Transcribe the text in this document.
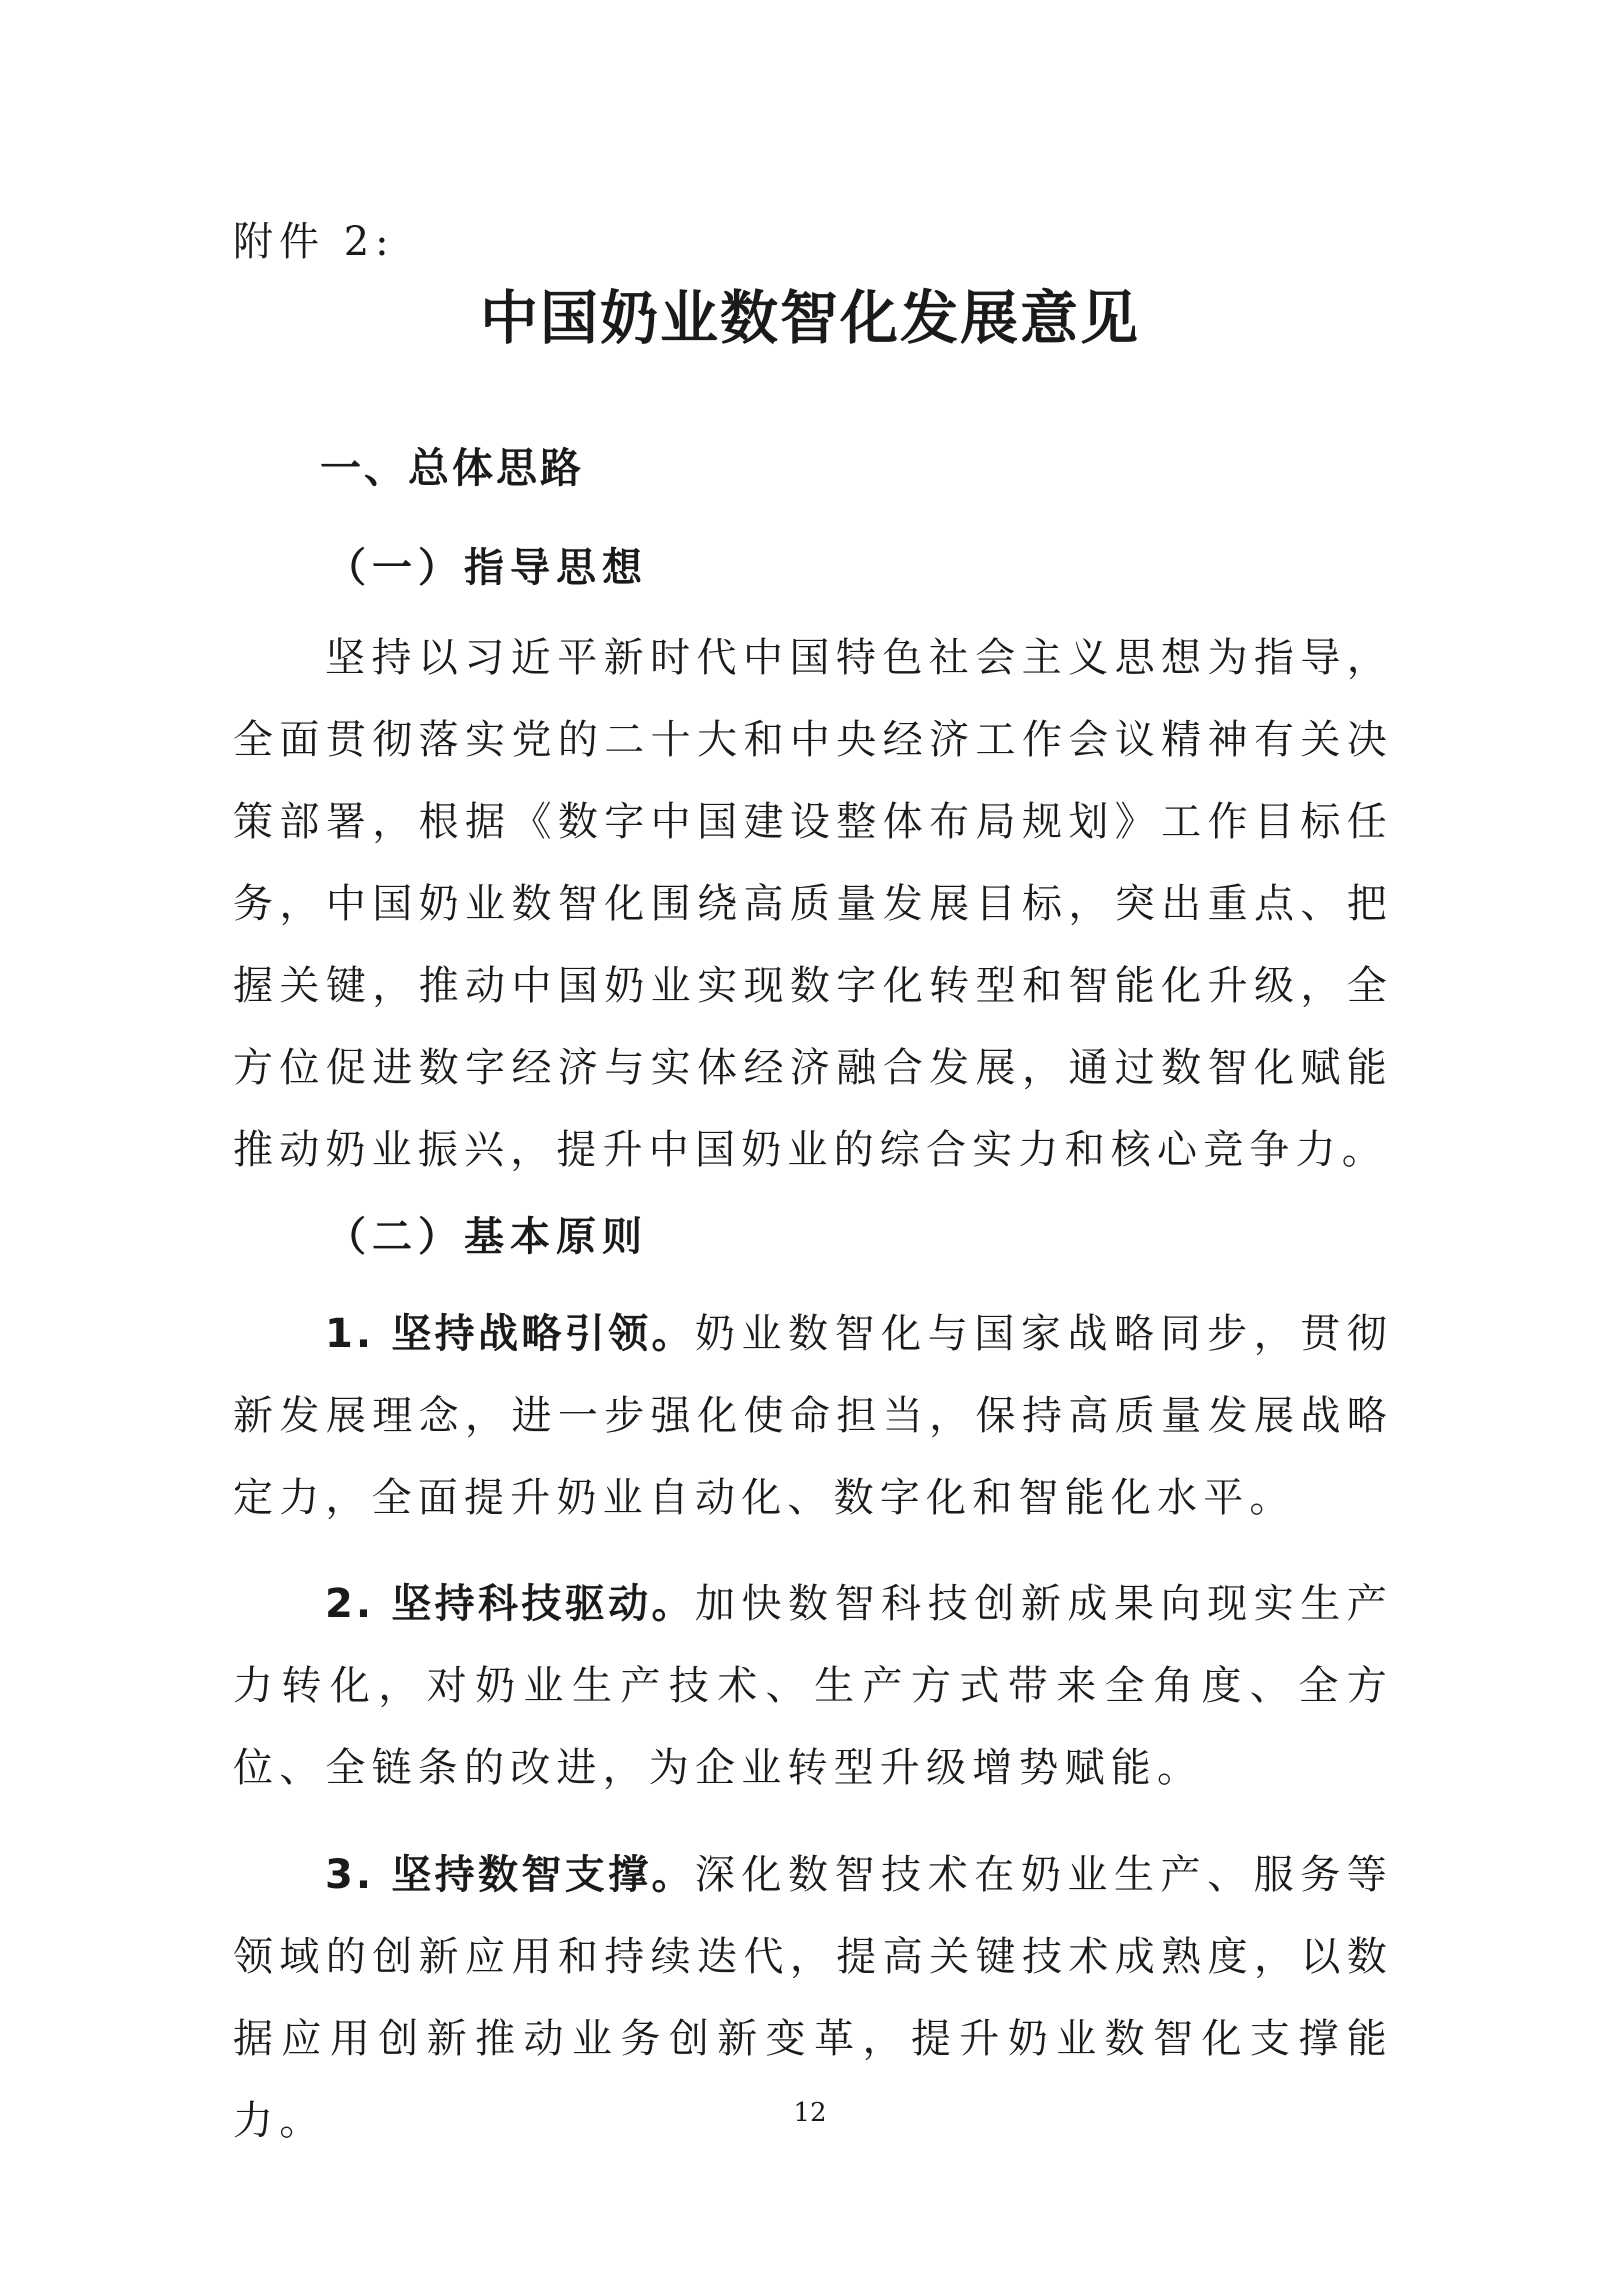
附件 2:
中国奶业数智化发展意见
一、总体思路
（一）指导思想

坚持以习近平新时代中国特色社会主义思想为指导，全面贯彻落实党的二十大和中央经济工作会议精神有关决策部署，根据《数字中国建设整体布局规划》工作目标任务，中国奶业数智化围绕高质量发展目标，突出重点、把握关键，推动中国奶业实现数字化转型和智能化升级，全方位促进数字经济与实体经济融合发展，通过数智化赋能推动奶业振兴，提升中国奶业的综合实力和核心竞争力。

（二）基本原则

1. 坚持战略引领。奶业数智化与国家战略同步，贯彻新发展理念，进一步强化使命担当，保持高质量发展战略定力，全面提升奶业自动化、数字化和智能化水平。

2. 坚持科技驱动。加快数智科技创新成果向现实生产力转化，对奶业生产技术、生产方式带来全角度、全方位、全链条的改进，为企业转型升级增势赋能。

3. 坚持数智支撑。深化数智技术在奶业生产、服务等领域的创新应用和持续迭代，提高关键技术成熟度，以数据应用创新推动业务创新变革，提升奶业数智化支撑能力。	12
